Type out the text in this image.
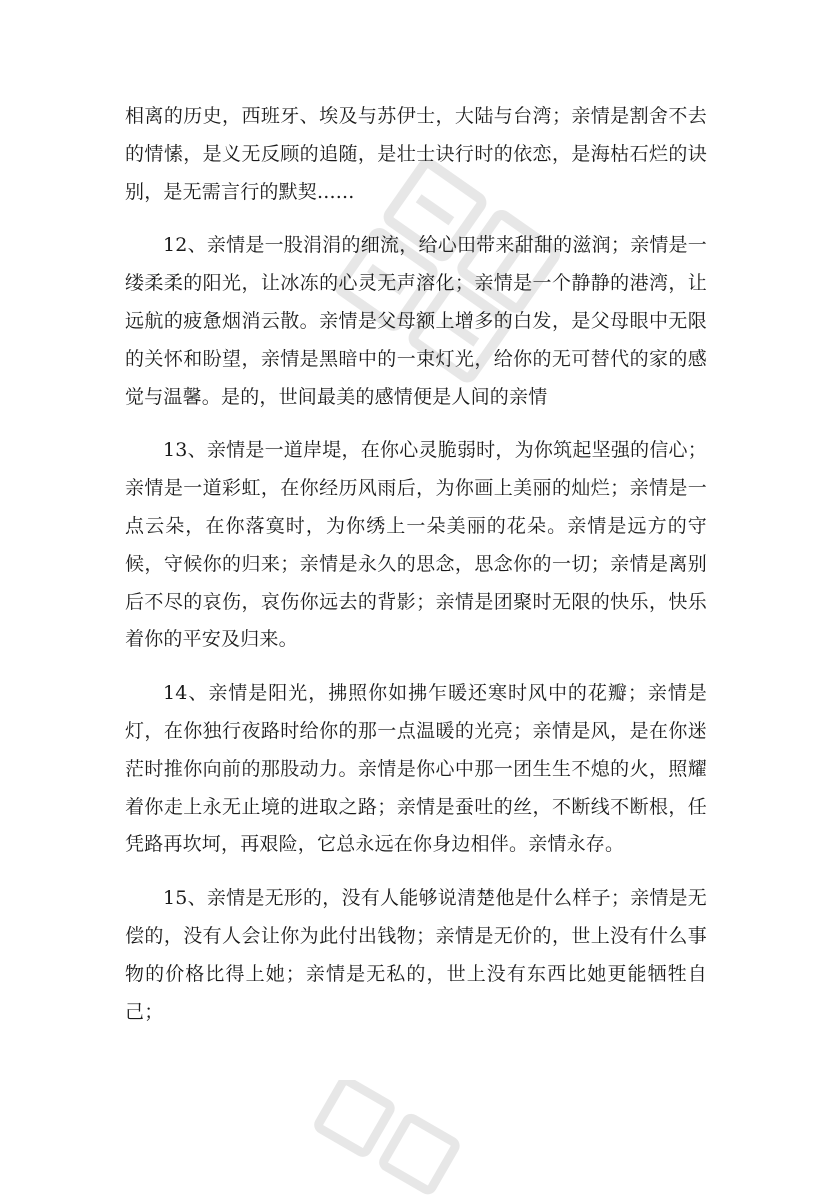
相离的历史，西班牙、埃及与苏伊士，大陆与台湾；亲情是割舍不去的情愫，是义无反顾的追随，是壮士诀行时的依恋，是海枯石烂的诀别，是无需言行的默契......

12、亲情是一股涓涓的细流，给心田带来甜甜的滋润；亲情是一缕柔柔的阳光，让冰冻的心灵无声溶化；亲情是一个静静的港湾，让远航的疲惫烟消云散。亲情是父母额上增多的白发，是父母眼中无限的关怀和盼望，亲情是黑暗中的一束灯光，给你的无可替代的家的感觉与温馨。是的，世间最美的感情便是人间的亲情

13、亲情是一道岸堤，在你心灵脆弱时，为你筑起坚强的信心；亲情是一道彩虹，在你经历风雨后，为你画上美丽的灿烂；亲情是一点云朵，在你落寞时，为你绣上一朵美丽的花朵。亲情是远方的守候，守候你的归来；亲情是永久的思念，思念你的一切；亲情是离别后不尽的哀伤，哀伤你远去的背影；亲情是团聚时无限的快乐，快乐着你的平安及归来。

14、亲情是阳光，拂照你如拂乍暖还寒时风中的花瓣；亲情是灯，在你独行夜路时给你的那一点温暖的光亮；亲情是风，是在你迷茫时推你向前的那股动力。亲情是你心中那一团生生不熄的火，照耀着你走上永无止境的进取之路；亲情是蚕吐的丝，不断线不断根，任凭路再坎坷，再艰险，它总永远在你身边相伴。亲情永存。

15、亲情是无形的，没有人能够说清楚他是什么样子；亲情是无偿的，没有人会让你为此付出钱物；亲情是无价的，世上没有什么事物的价格比得上她；亲情是无私的，世上没有东西比她更能牺牲自己；
